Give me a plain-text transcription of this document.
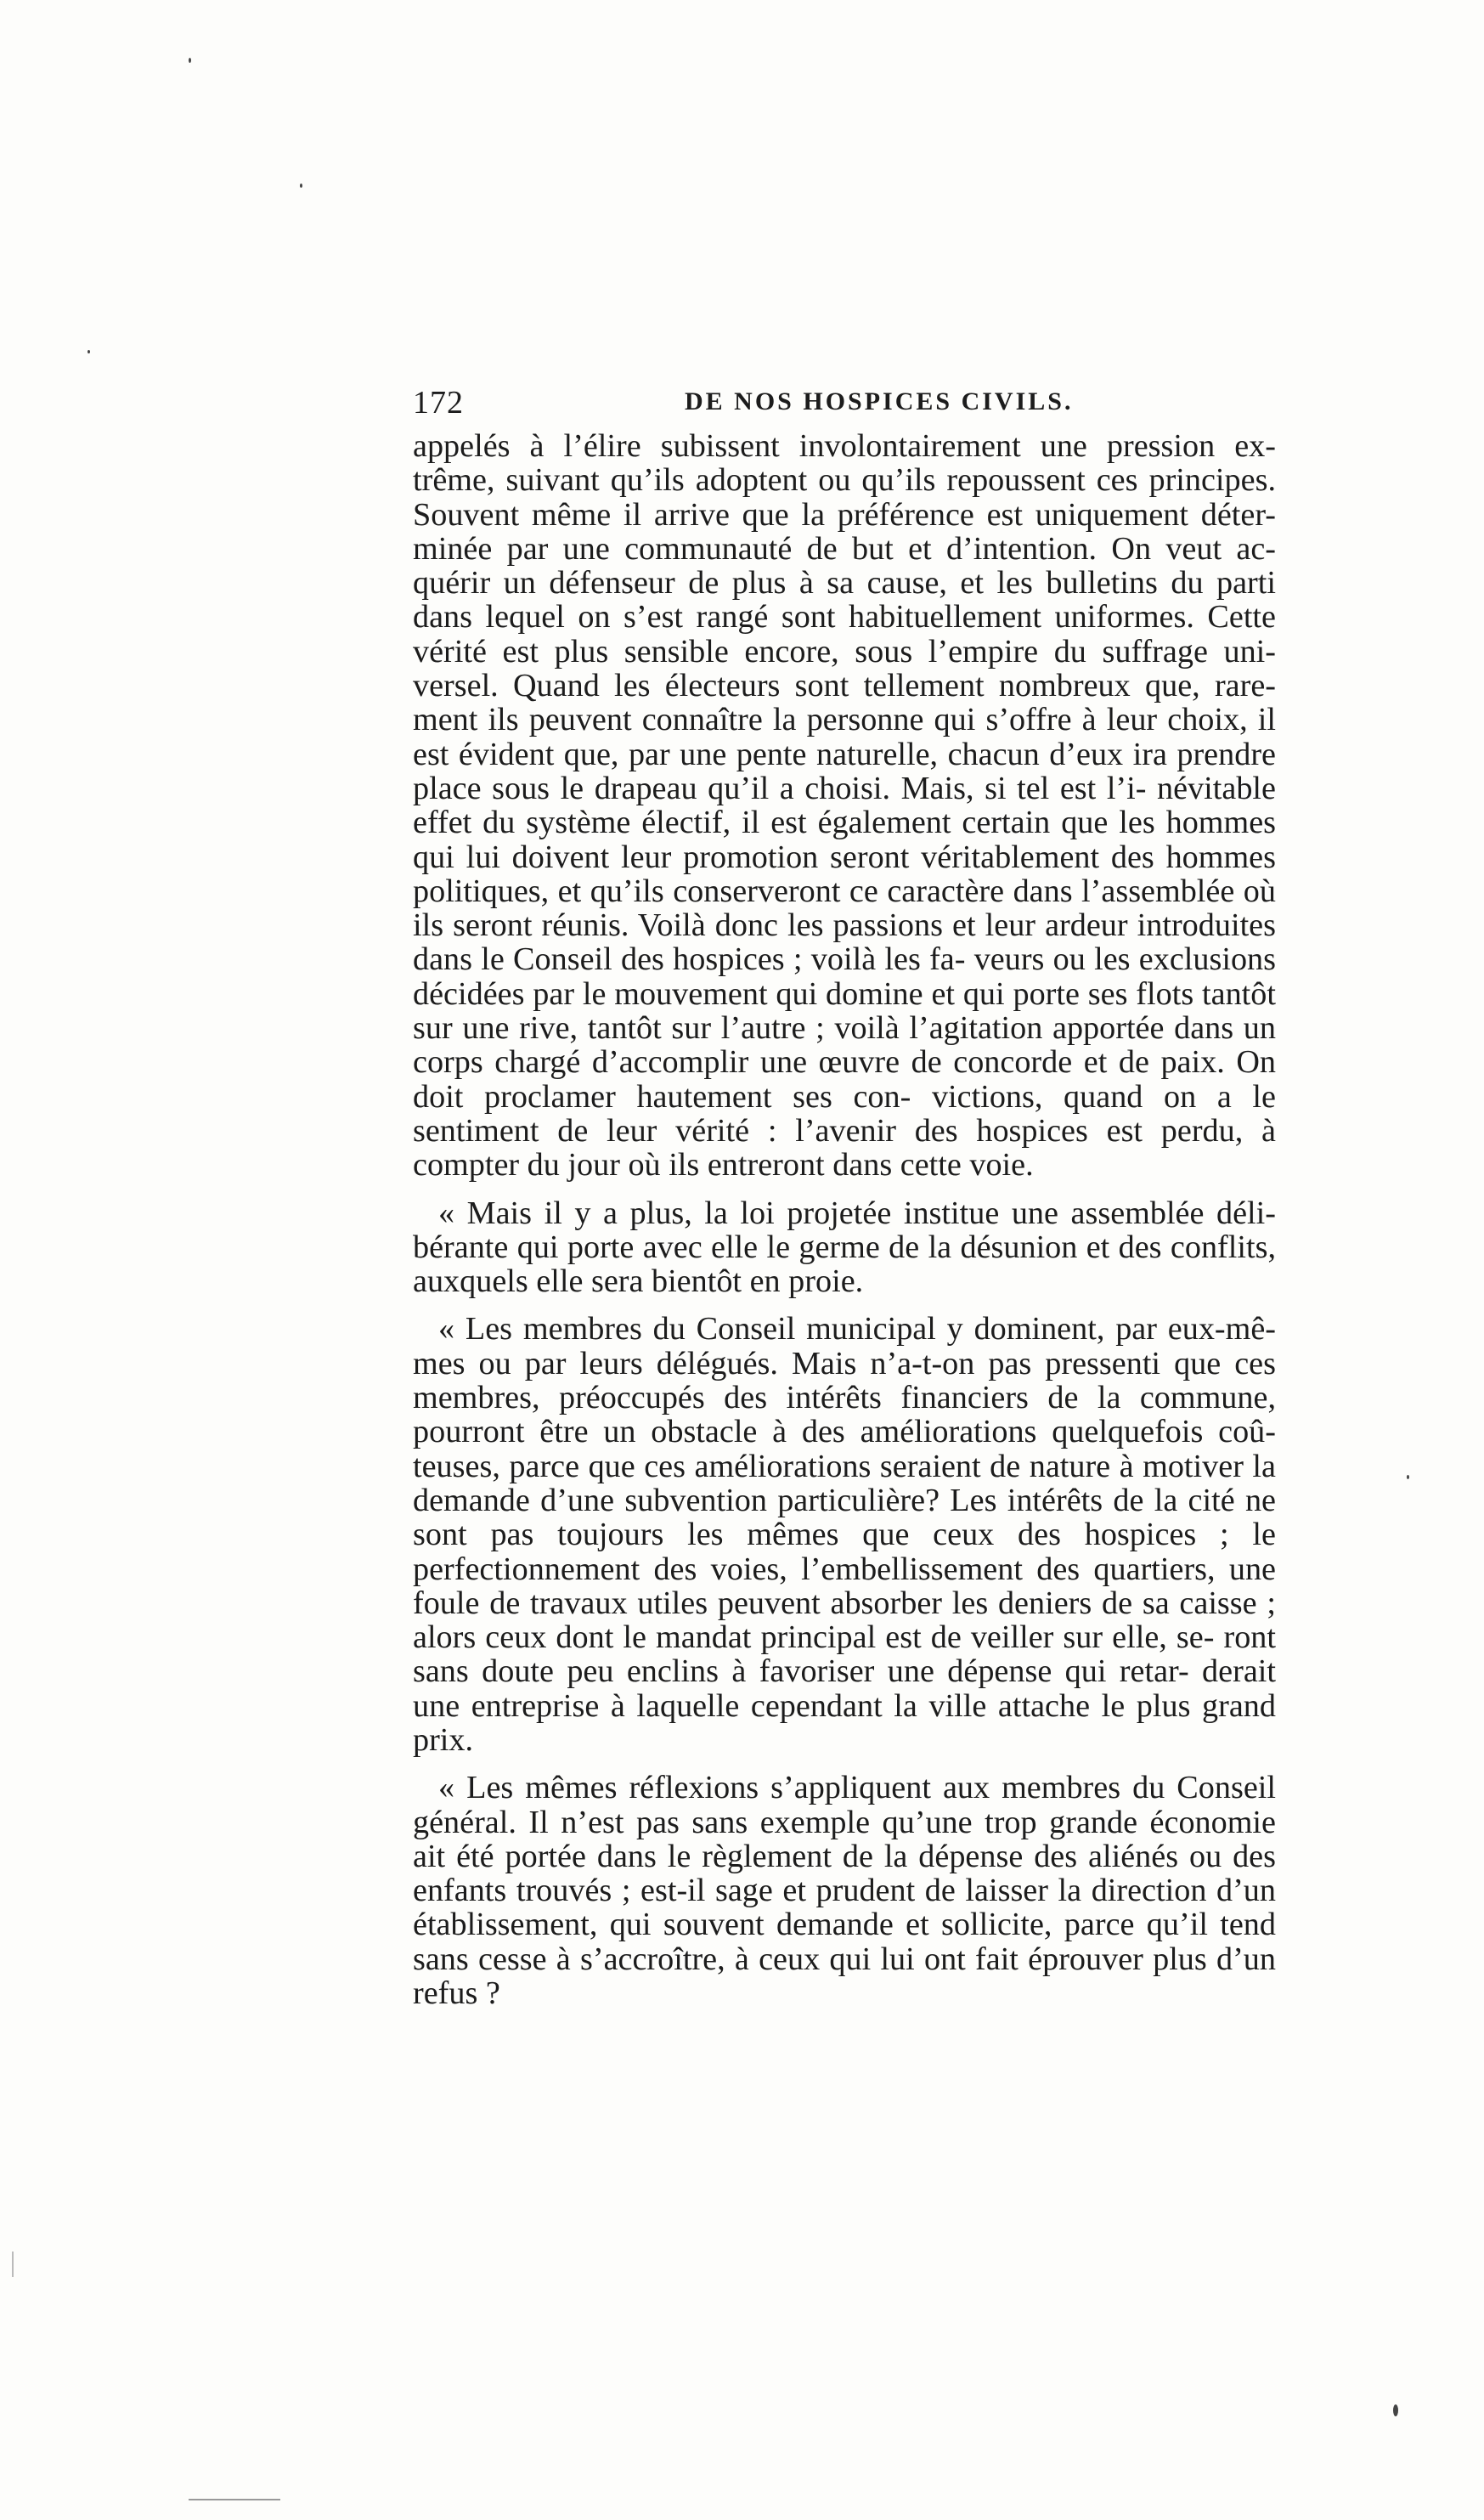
172	DE NOS HOSPICES CIVILS.

appelés à l’élire subissent involontairement une pression ex- trême, suivant qu’ils adoptent ou qu’ils repoussent ces principes. Souvent même il arrive que la préférence est uniquement déter- minée par une communauté de but et d’intention. On veut ac- quérir un défenseur de plus à sa cause, et les bulletins du parti dans lequel on s’est rangé sont habituellement uniformes. Cette vérité est plus sensible encore, sous l’empire du suffrage uni- versel. Quand les électeurs sont tellement nombreux que, rare- ment ils peuvent connaître la personne qui s’offre à leur choix, il est évident que, par une pente naturelle, chacun d’eux ira prendre place sous le drapeau qu’il a choisi. Mais, si tel est l’i- névitable effet du système électif, il est également certain que les hommes qui lui doivent leur promotion seront véritablement des hommes politiques, et qu’ils conserveront ce caractère dans l’assemblée où ils seront réunis. Voilà donc les passions et leur ardeur introduites dans le Conseil des hospices ; voilà les fa- veurs ou les exclusions décidées par le mouvement qui domine et qui porte ses flots tantôt sur une rive, tantôt sur l’autre ; voilà l’agitation apportée dans un corps chargé d’accomplir une œuvre de concorde et de paix. On doit proclamer hautement ses con- victions, quand on a le sentiment de leur vérité : l’avenir des hospices est perdu, à compter du jour où ils entreront dans cette voie.

« Mais il y a plus, la loi projetée institue une assemblée déli- bérante qui porte avec elle le germe de la désunion et des conflits, auxquels elle sera bientôt en proie.

« Les membres du Conseil municipal y dominent, par eux-mê- mes ou par leurs délégués. Mais n’a-t-on pas pressenti que ces membres, préoccupés des intérêts financiers de la commune, pourront être un obstacle à des améliorations quelquefois coû- teuses, parce que ces améliorations seraient de nature à motiver la demande d’une subvention particulière? Les intérêts de la cité ne sont pas toujours les mêmes que ceux des hospices ; le perfectionnement des voies, l’embellissement des quartiers, une foule de travaux utiles peuvent absorber les deniers de sa caisse ; alors ceux dont le mandat principal est de veiller sur elle, se- ront sans doute peu enclins à favoriser une dépense qui retar- derait une entreprise à laquelle cependant la ville attache le plus grand prix.

« Les mêmes réflexions s’appliquent aux membres du Conseil général. Il n’est pas sans exemple qu’une trop grande économie ait été portée dans le règlement de la dépense des aliénés ou des enfants trouvés ; est-il sage et prudent de laisser la direction d’un établissement, qui souvent demande et sollicite, parce qu’il tend sans cesse à s’accroître, à ceux qui lui ont fait éprouver plus d’un refus ?
